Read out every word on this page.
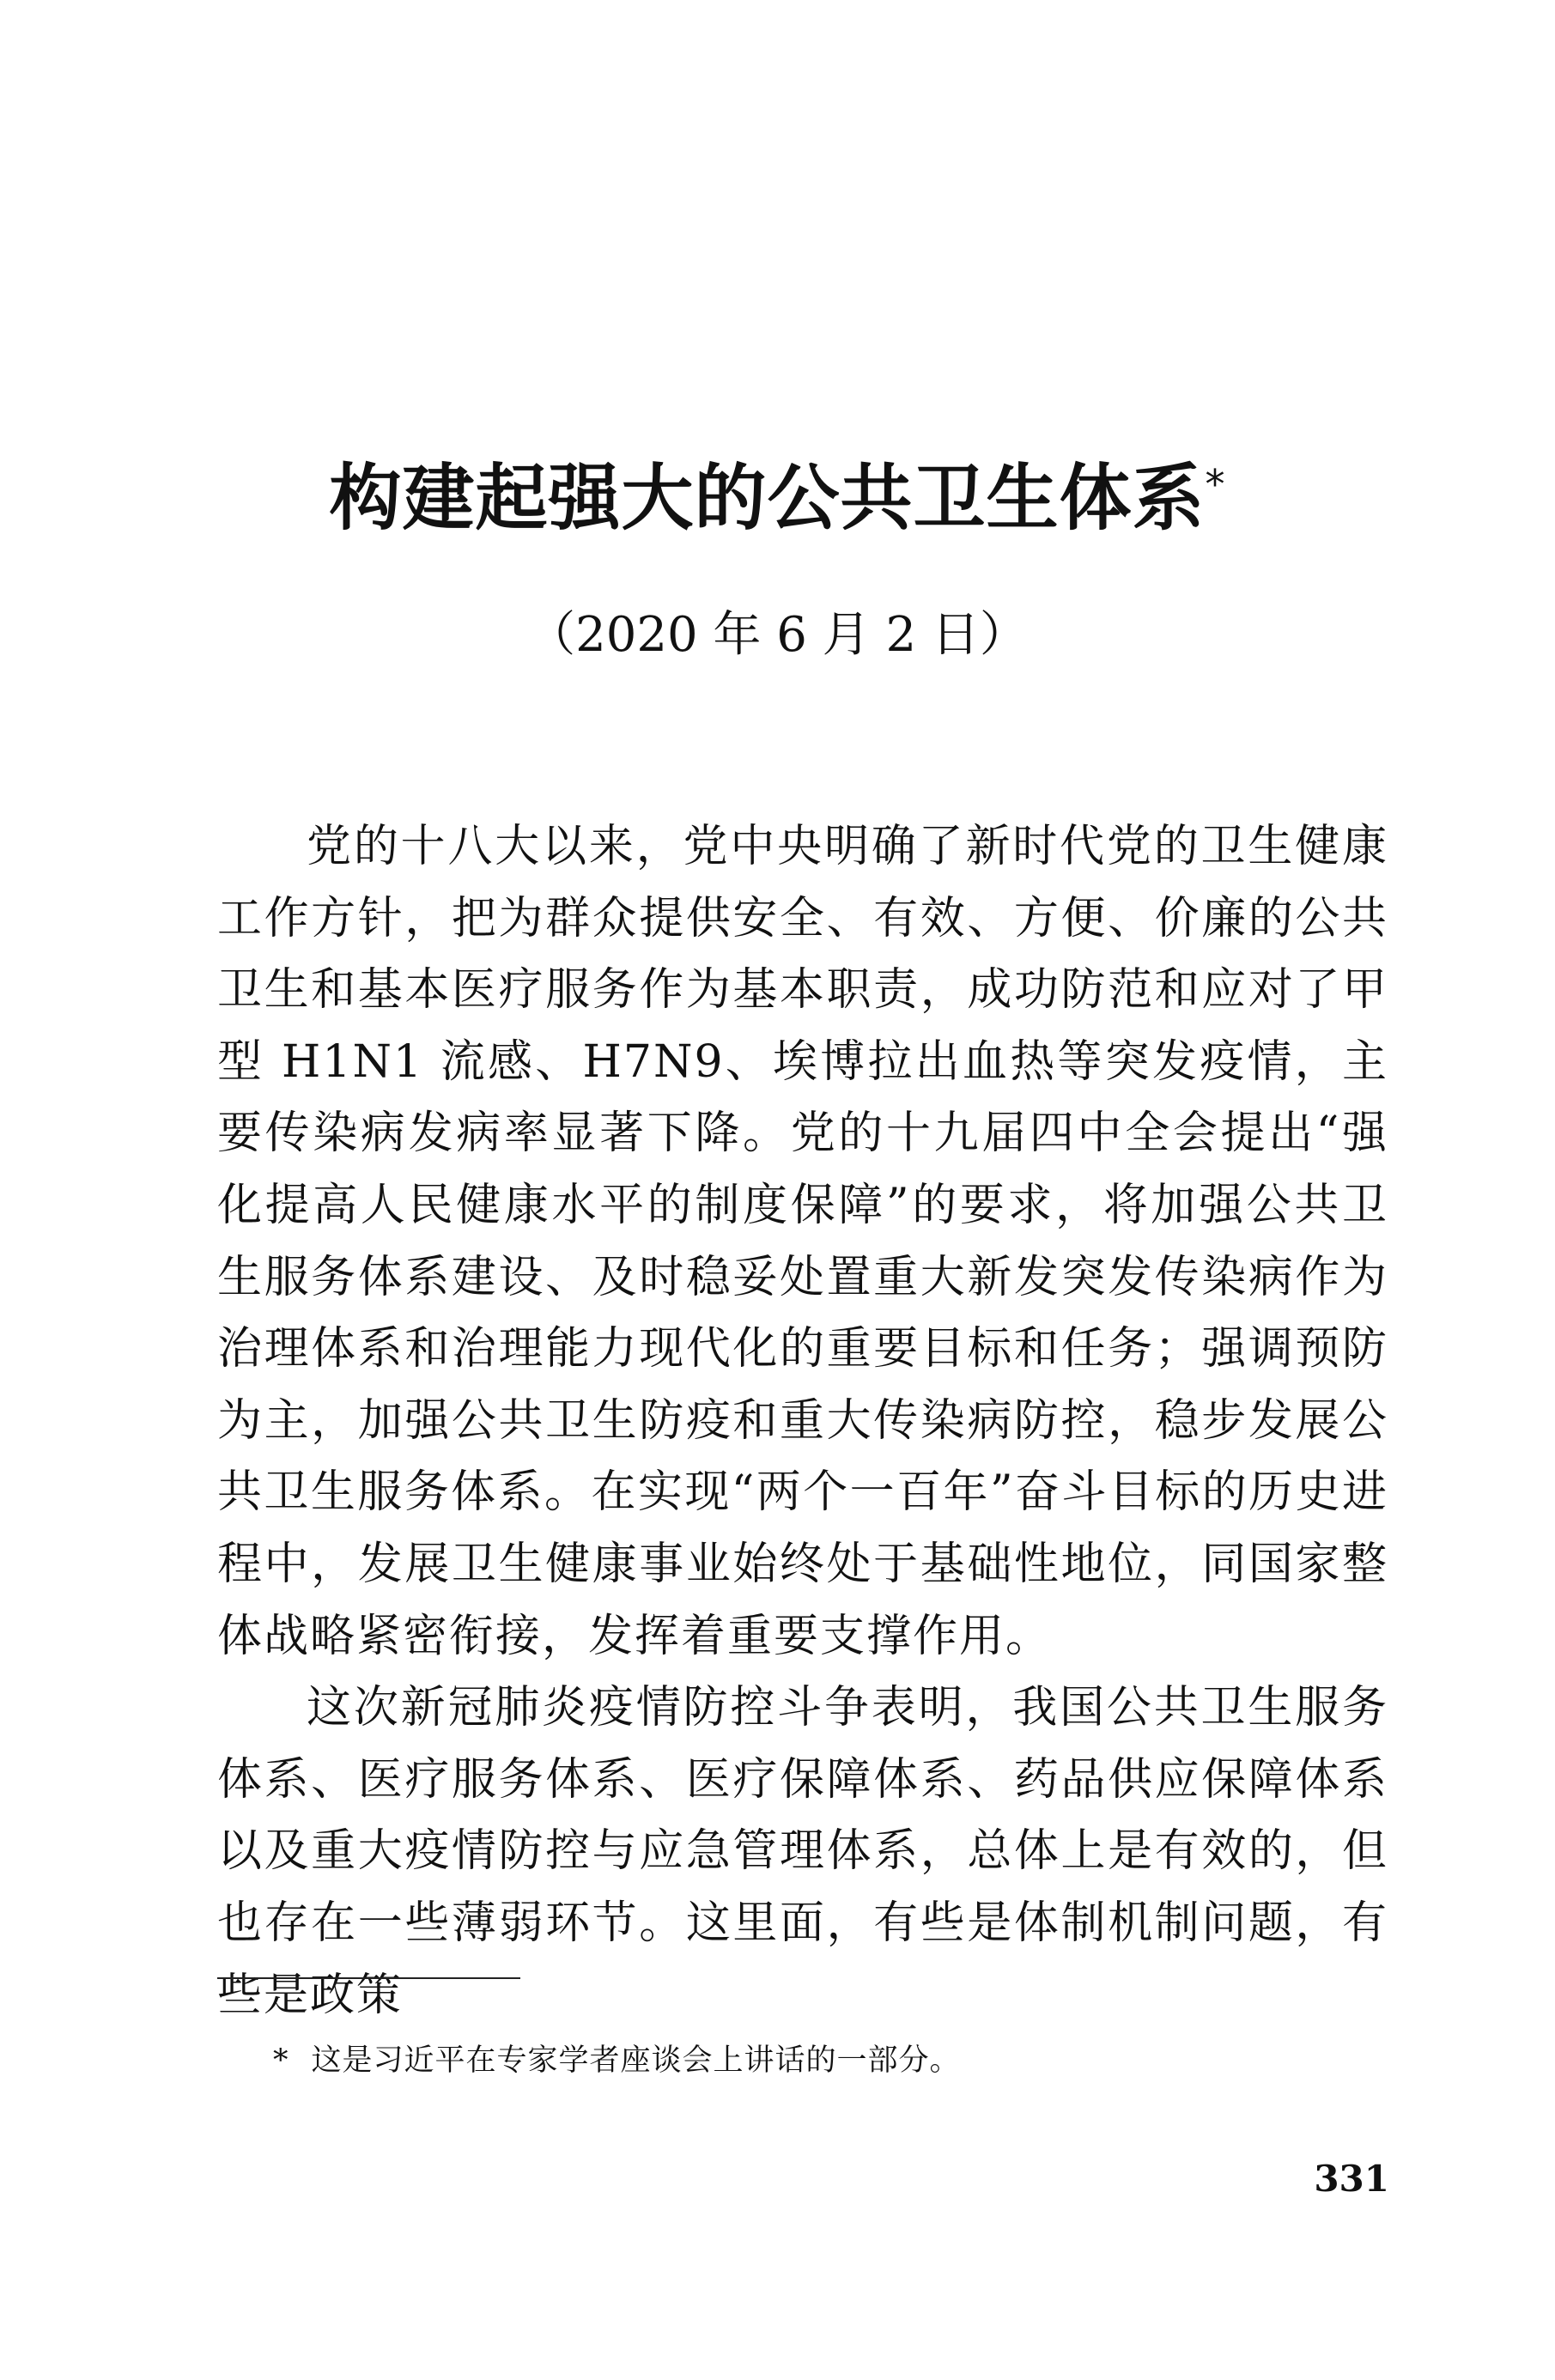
构建起强大的公共卫生体系*
（2020 年 6 月 2 日）

党的十八大以来，党中央明确了新时代党的卫生健康工作方针，把为群众提供安全、有效、方便、价廉的公共卫生和基本医疗服务作为基本职责，成功防范和应对了甲型 H1N1 流感、H7N9、埃博拉出血热等突发疫情，主要传染病发病率显著下降。党的十九届四中全会提出“强化提高人民健康水平的制度保障”的要求，将加强公共卫生服务体系建设、及时稳妥处置重大新发突发传染病作为治理体系和治理能力现代化的重要目标和任务；强调预防为主，加强公共卫生防疫和重大传染病防控，稳步发展公共卫生服务体系。在实现“两个一百年”奋斗目标的历史进程中，发展卫生健康事业始终处于基础性地位，同国家整体战略紧密衔接，发挥着重要支撑作用。

这次新冠肺炎疫情防控斗争表明，我国公共卫生服务体系、医疗服务体系、医疗保障体系、药品供应保障体系以及重大疫情防控与应急管理体系，总体上是有效的，但也存在一些薄弱环节。这里面，有些是体制机制问题，有些是政策

* 这是习近平在专家学者座谈会上讲话的一部分。
331
